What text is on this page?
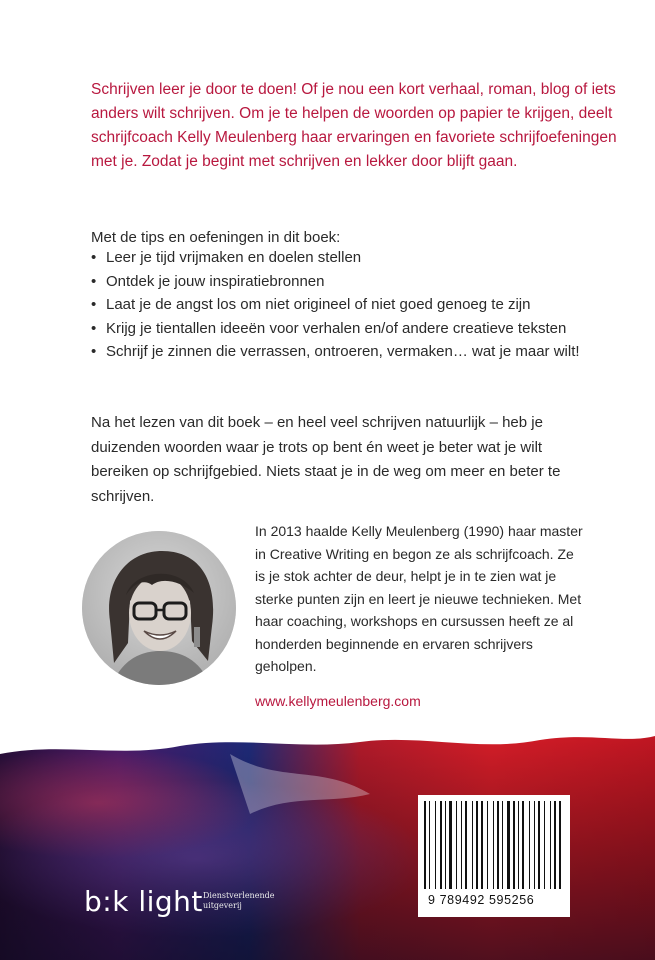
Schrijven leer je door te doen! Of je nou een kort verhaal, roman, blog of iets anders wilt schrijven. Om je te helpen de woorden op papier te krijgen, deelt schrijfcoach Kelly Meulenberg haar ervaringen en favoriete schrijfoefeningen met je. Zodat je begint met schrijven en lekker door blijft gaan.

Met de tips en oefeningen in dit boek:

• Leer je tijd vrijmaken en doelen stellen
• Ontdek je jouw inspiratiebronnen
• Laat je de angst los om niet origineel of niet goed genoeg te zijn
• Krijg je tientallen ideeën voor verhalen en/of andere creatieve teksten
• Schrijf je zinnen die verrassen, ontroeren, vermaken… wat je maar wilt!

Na het lezen van dit boek – en heel veel schrijven natuurlijk – heb je duizenden woorden waar je trots op bent én weet je beter wat je wilt bereiken op schrijfgebied. Niets staat je in de weg om meer en beter te schrijven.

In 2013 haalde Kelly Meulenberg (1990) haar master in Creative Writing en begon ze als schrijfcoach. Ze is je stok achter de deur, helpt je in te zien wat je sterke punten zijn en leert je nieuwe technieken. Met haar coaching, workshops en cursussen heeft ze al honderden beginnende en ervaren schrijvers geholpen.

www.kellymeulenberg.com
b:k light Dienstverlenende
uitgeverij	9 789492 595256
